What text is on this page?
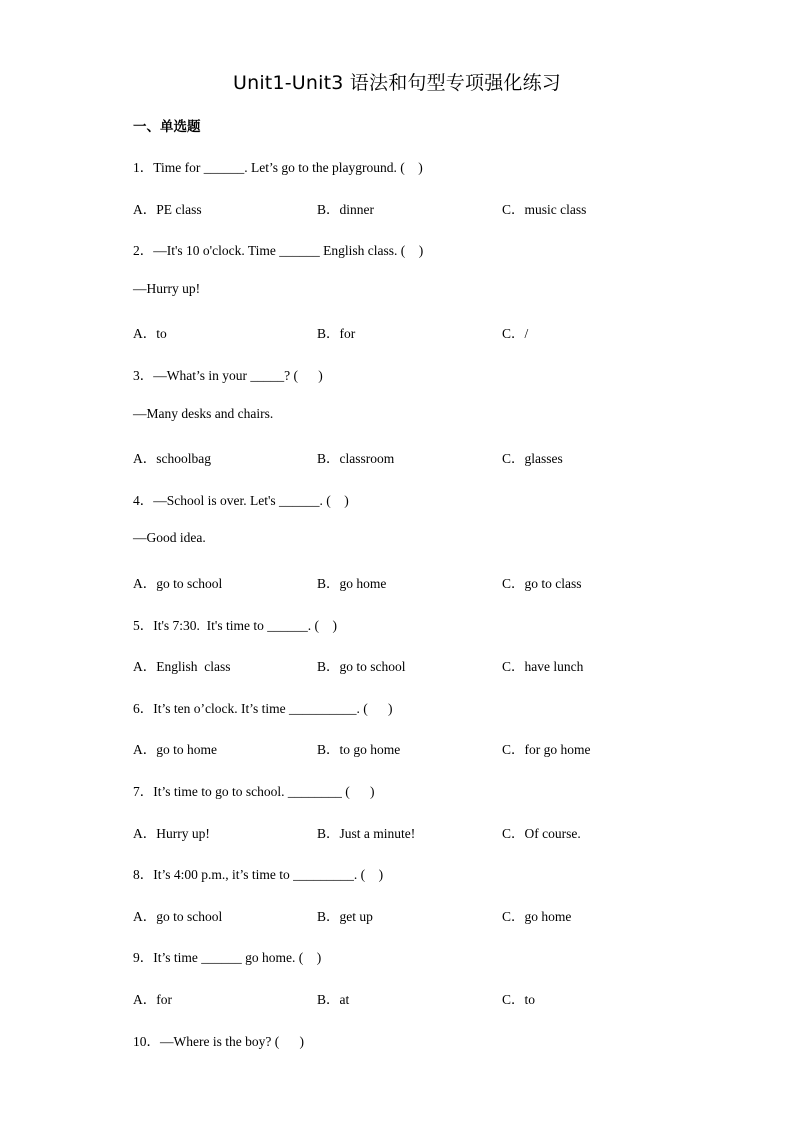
Unit1-Unit3 语法和句型专项强化练习
一、单选题
1．Time for ______. Let’s go to the playground. (    )
A．PE class	B．dinner	C．music class
2．—It's 10 o'clock. Time ______ English class. (    )
—Hurry up!
A．to	B．for	C．/
3．—What’s in your _____? (      )
—Many desks and chairs.
A．schoolbag	B．classroom	C．glasses
4．—School is over. Let's ______. (    )
—Good idea.
A．go to school	B．go home	C．go to class
5．It's 7:30.  It's time to ______. (    )
A．English  class	B．go to school	C．have lunch
6．It’s ten o’clock. It’s time __________. (      )
A．go to home	B．to go home	C．for go home
7．It’s time to go to school. ________ (      )
A．Hurry up!	B．Just a minute!	C．Of course.
8．It’s 4:00 p.m., it’s time to _________. (    )
A．go to school	B．get up	C．go home
9．It’s time ______ go home. (    )
A．for	B．at	C．to
10．—Where is the boy? (      )
